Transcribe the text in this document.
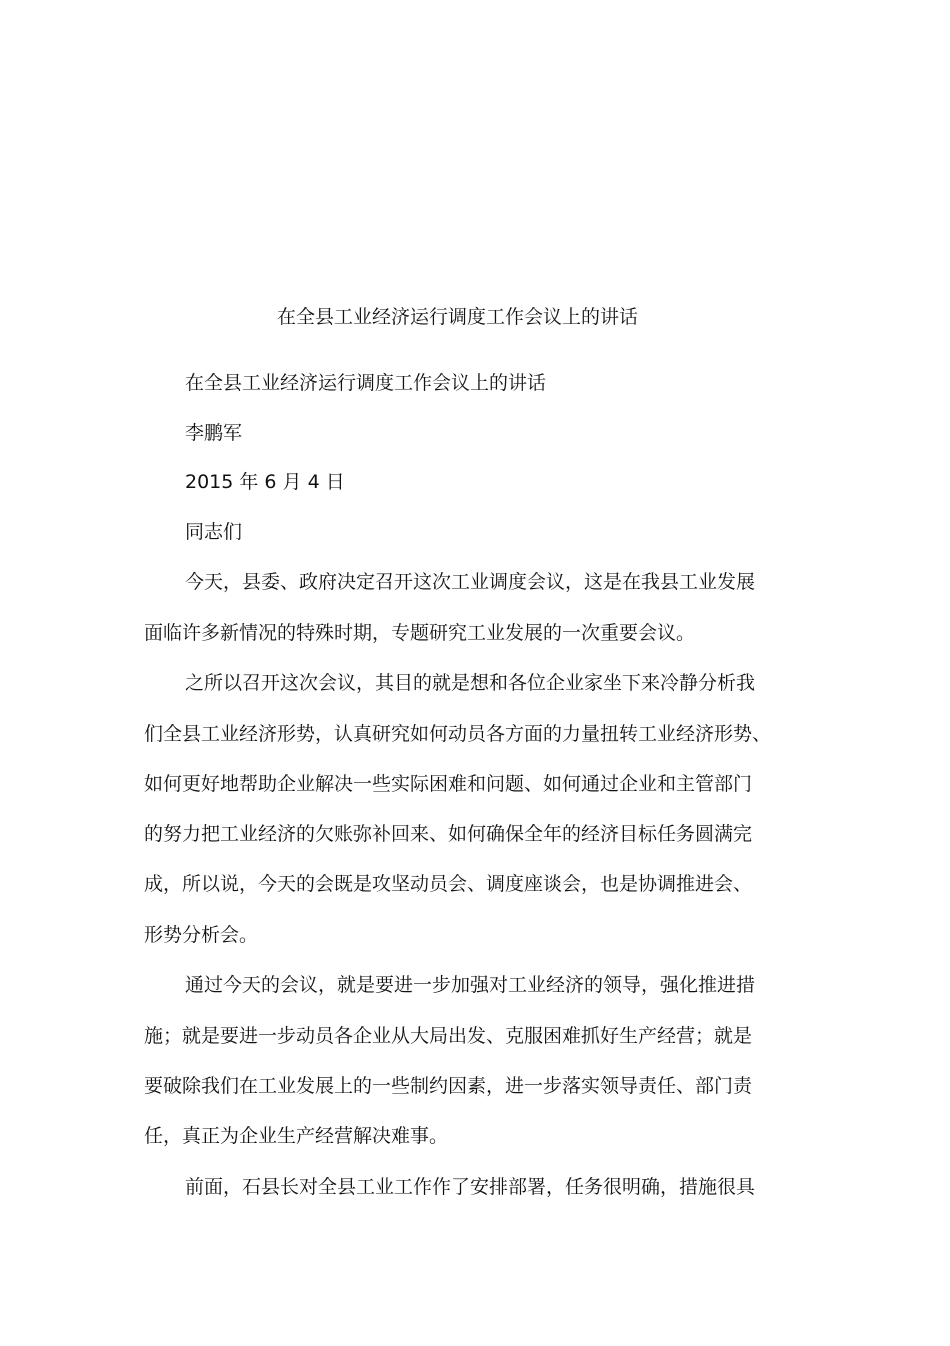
在全县工业经济运行调度工作会议上的讲话
在全县工业经济运行调度工作会议上的讲话
李鹏军
2015 年 6 月 4 日
同志们
今天，县委、政府决定召开这次工业调度会议，这是在我县工业发展
面临许多新情况的特殊时期，专题研究工业发展的一次重要会议。
之所以召开这次会议，其目的就是想和各位企业家坐下来冷静分析我
们全县工业经济形势，认真研究如何动员各方面的力量扭转工业经济形势、
如何更好地帮助企业解决一些实际困难和问题、如何通过企业和主管部门
的努力把工业经济的欠账弥补回来、如何确保全年的经济目标任务圆满完
成，所以说，今天的会既是攻坚动员会、调度座谈会，也是协调推进会、
形势分析会。
通过今天的会议，就是要进一步加强对工业经济的领导，强化推进措
施；就是要进一步动员各企业从大局出发、克服困难抓好生产经营；就是
要破除我们在工业发展上的一些制约因素，进一步落实领导责任、部门责
任，真正为企业生产经营解决难事。
前面，石县长对全县工业工作作了安排部署，任务很明确，措施很具
